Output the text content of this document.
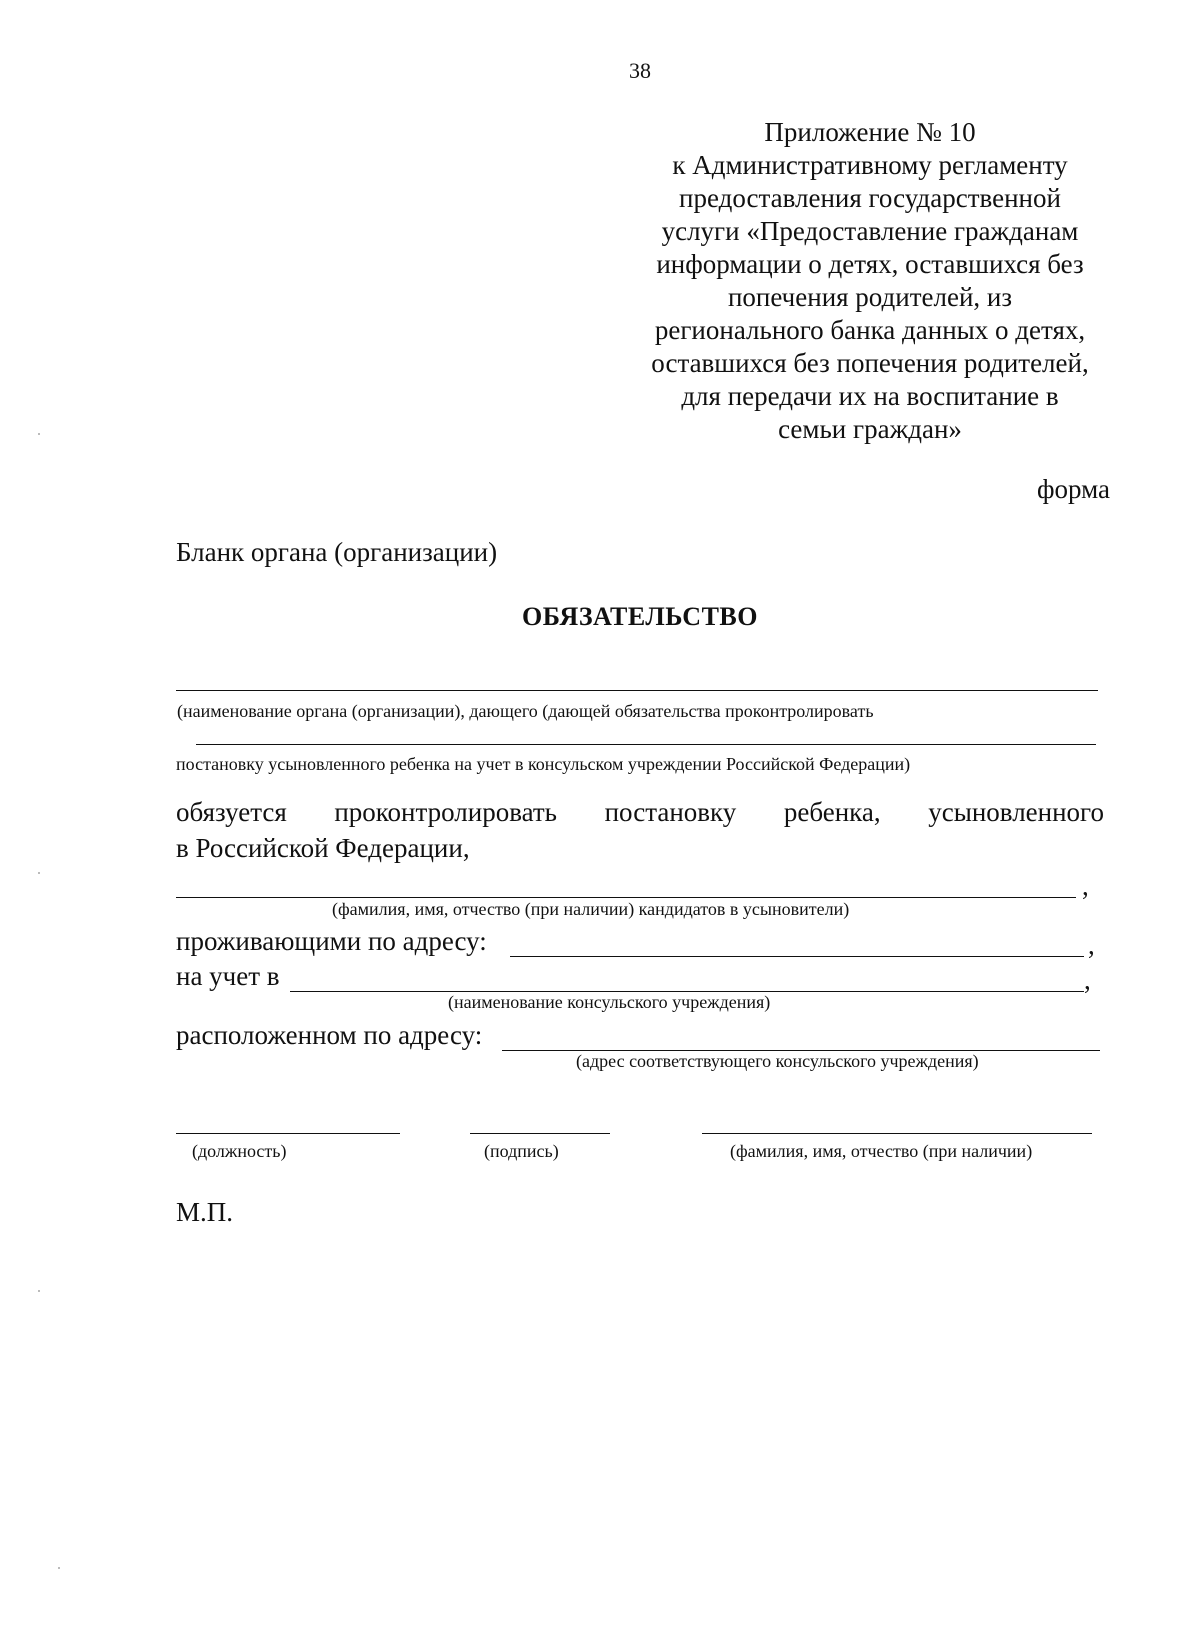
38
Приложение № 10
к Административному регламенту
предоставления государственной
услуги «Предоставление гражданам
информации о детях, оставшихся без
попечения родителей, из
регионального банка данных о детях,
оставшихся без попечения родителей,
для передачи их на воспитание в
семьи граждан»
форма
Бланк органа (организации)
ОБЯЗАТЕЛЬСТВО
(наименование органа (организации), дающего (дающей обязательства проконтролировать
постановку усыновленного ребенка на учет в консульском учреждении Российской Федерации)
обязуется проконтролировать постановку ребенка, усыновленного
в Российской Федерации,
,
(фамилия, имя, отчество (при наличии) кандидатов в усыновители)
проживающими по адресу:	,
на учет в	,
(наименование консульского учреждения)
расположенном по адресу:
(адрес соответствующего консульского учреждения)
(должность)	(подпись)	(фамилия, имя, отчество (при наличии)
М.П.
